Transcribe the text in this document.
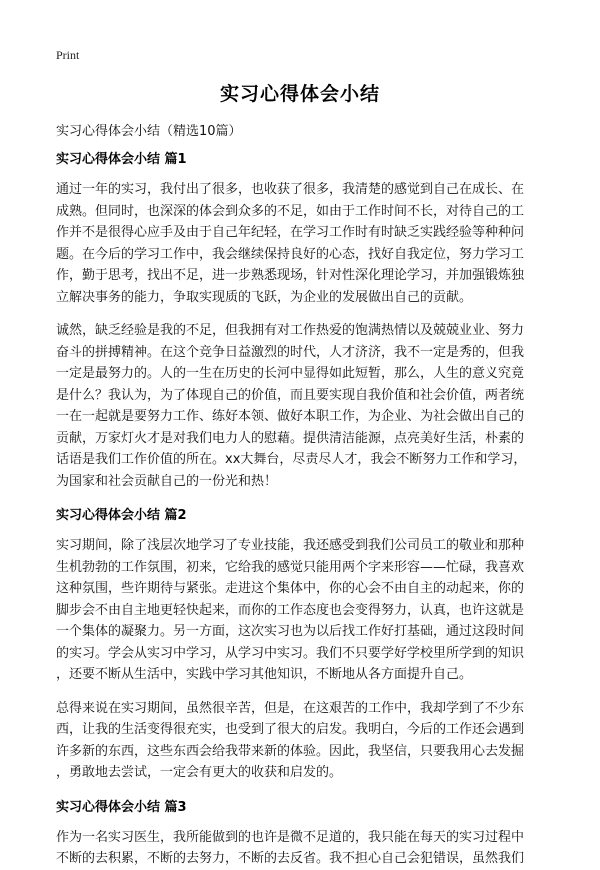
Print
实习心得体会小结
实习心得体会小结（精选10篇）
实习心得体会小结 篇1
通过一年的实习，我付出了很多，也收获了很多，我清楚的感觉到自己在成长、在
成熟。但同时，也深深的体会到众多的不足，如由于工作时间不长，对待自己的工
作并不是很得心应手及由于自己年纪轻，在学习工作时有时缺乏实践经验等种种问
题。在今后的学习工作中，我会继续保持良好的心态，找好自我定位，努力学习工
作，勤于思考，找出不足，进一步熟悉现场，针对性深化理论学习，并加强锻炼独
立解决事务的能力，争取实现质的飞跃，为企业的发展做出自己的贡献。
诚然，缺乏经验是我的不足，但我拥有对工作热爱的饱满热情以及兢兢业业、努力
奋斗的拼搏精神。在这个竞争日益激烈的时代，人才济济，我不一定是秀的，但我
一定是最努力的。人的一生在历史的长河中显得如此短暂，那么，人生的意义究竟
是什么？我认为，为了体现自己的价值，而且要实现自我价值和社会价值，两者统
一在一起就是要努力工作、练好本领、做好本职工作，为企业、为社会做出自己的
贡献，万家灯火才是对我们电力人的慰藉。提供清洁能源，点亮美好生活，朴素的
话语是我们工作价值的所在。xx大舞台，尽责尽人才，我会不断努力工作和学习，
为国家和社会贡献自己的一份光和热！
实习心得体会小结 篇2
实习期间，除了浅层次地学习了专业技能，我还感受到我们公司员工的敬业和那种
生机勃勃的工作氛围，初来，它给我的感觉只能用两个字来形容——忙碌，我喜欢
这种氛围，些许期待与紧张。走进这个集体中，你的心会不由自主的动起来，你的
脚步会不由自主地更轻快起来，而你的工作态度也会变得努力，认真，也许这就是
一个集体的凝聚力。另一方面，这次实习也为以后找工作好打基础，通过这段时间
的实习。学会从实习中学习，从学习中实习。我们不只要学好学校里所学到的知识
，还要不断从生活中，实践中学习其他知识，不断地从各方面提升自己。
总得来说在实习期间，虽然很辛苦，但是，在这艰苦的工作中，我却学到了不少东
西，让我的生活变得很充实，也受到了很大的启发。我明白，今后的工作还会遇到
许多新的东西，这些东西会给我带来新的体验。因此，我坚信，只要我用心去发掘
，勇敢地去尝试，一定会有更大的收获和启发的。
实习心得体会小结 篇3
作为一名实习医生，我所能做到的也许是微不足道的，我只能在每天的实习过程中
不断的去积累，不断的去努力，不断的去反省。我不担心自己会犯错误，虽然我们
